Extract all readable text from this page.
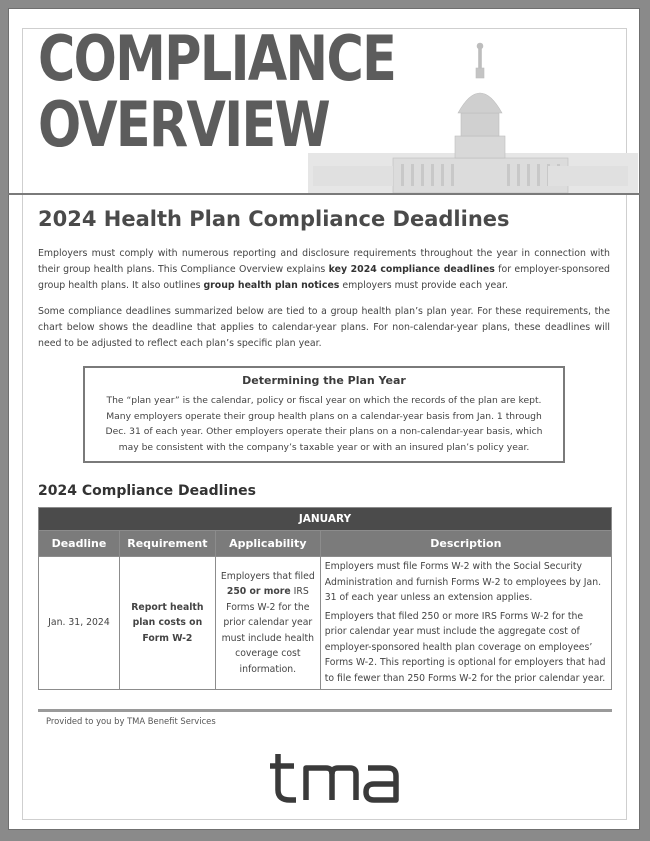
COMPLIANCE
OVERVIEW
2024 Health Plan Compliance Deadlines

Employers must comply with numerous reporting and disclosure requirements throughout the year in connection with their group health plans. This Compliance Overview explains key 2024 compliance deadlines for employer-sponsored group health plans. It also outlines group health plan notices employers must provide each year.

Some compliance deadlines summarized below are tied to a group health plan’s plan year. For these requirements, the chart below shows the deadline that applies to calendar-year plans. For non-calendar-year plans, these deadlines will need to be adjusted to reflect each plan’s specific plan year.

Determining the Plan Year

The “plan year” is the calendar, policy or fiscal year on which the records of the plan are kept. Many employers operate their group health plans on a calendar-year basis from Jan. 1 through Dec. 31 of each year. Other employers operate their plans on a non-calendar-year basis, which may be consistent with the company’s taxable year or with an insured plan’s policy year.

2024 Compliance Deadlines
JANUARY			
Deadline	Requirement	Applicability	Description
Jan. 31, 2024	Report health plan costs on Form W-2	Employers that filed 250 or more IRS Forms W-2 for the prior calendar year must include health coverage cost information.	Employers must file Forms W-2 with the Social Security Administration and furnish Forms W-2 to employees by Jan. 31 of each year unless an extension applies.

Employers that filed 250 or more IRS Forms W-2 for the prior calendar year must include the aggregate cost of employer-sponsored health plan coverage on employees’ Forms W-2. This reporting is optional for employers that had to file fewer than 250 Forms W-2 for the prior calendar year.

Provided to you by TMA Benefit Services
